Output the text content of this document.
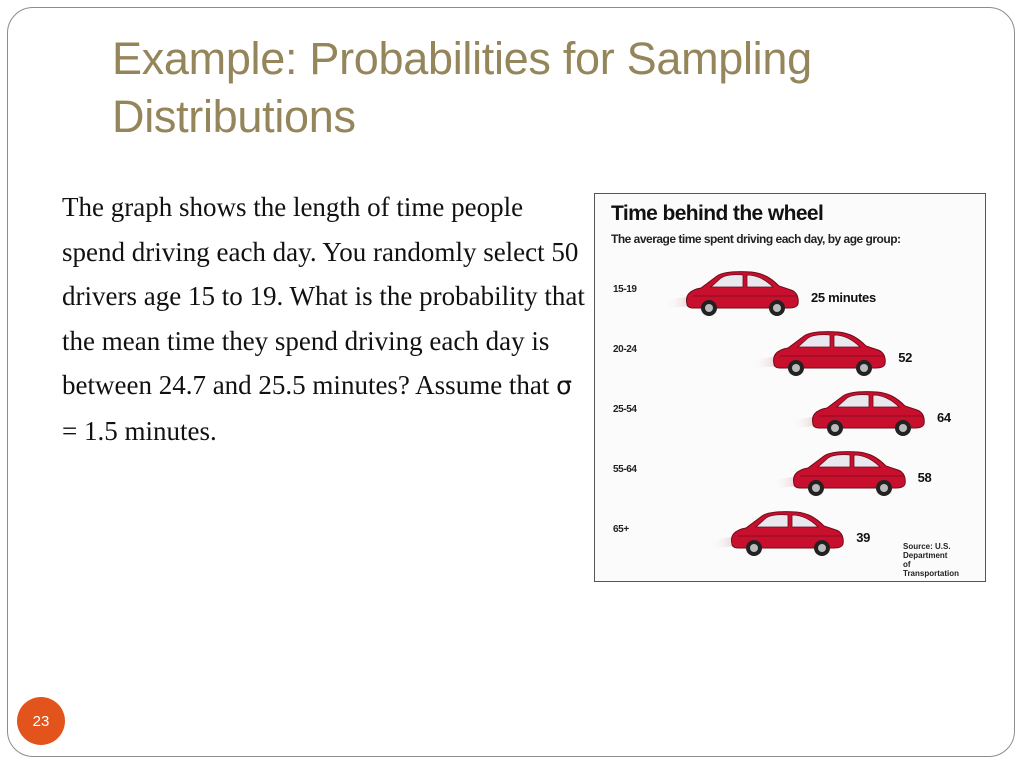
Example: Probabilities for Sampling Distributions
The graph shows the length of time people spend driving each day. You randomly select 50 drivers age 15 to 19. What is the probability that the mean time they spend driving each day is between 24.7 and 25.5 minutes? Assume that σ = 1.5 minutes.
Time behind the wheel
The average time spent driving each day, by age group:
Source: U.S.
Department
of
Transportation
15-19
25 minutes
20-24
52
25-54
64
55-64
58
65+
39
23
